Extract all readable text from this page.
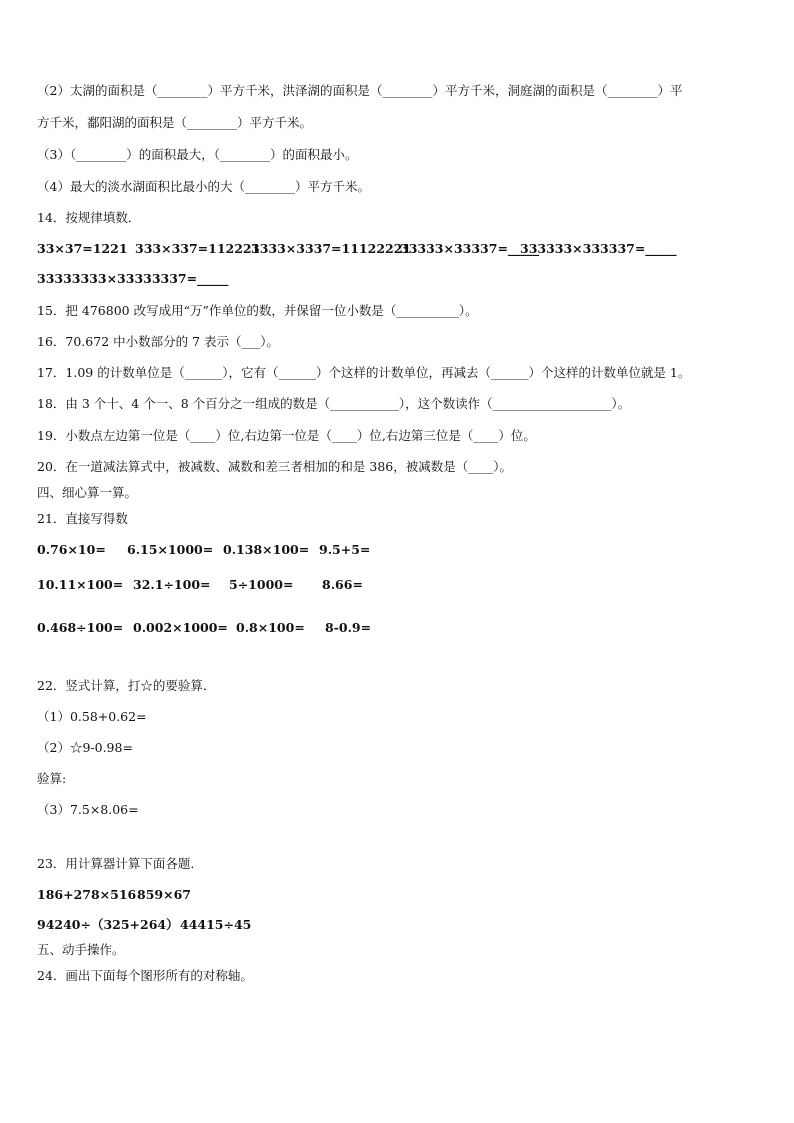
（2）太湖的面积是（________）平方千米，洪泽湖的面积是（________）平方千米，洞庭湖的面积是（________）平
方千米，鄱阳湖的面积是（________）平方千米。
（3）（________）的面积最大，（________）的面积最小。
（4）最大的淡水湖面积比最小的大（________）平方千米。
14．按规律填数．
33×37=1221 333×337=112221
3333×3337=11122221
33333×33337=_____
333333×333337=_____
33333333×33333337=_____
15．把 476800 改写成用“万”作单位的数，并保留一位小数是（__________）。
16．70.672 中小数部分的 7 表示（___）。
17．1.09 的计数单位是（______），它有（______）个这样的计数单位，再减去（______）个这样的计数单位就是 1。
18．由 3 个十、4 个一、8 个百分之一组成的数是（___________），这个数读作（___________________）。
19．小数点左边第一位是（____）位,右边第一位是（____）位,右边第三位是（____）位。
20．在一道减法算式中，被减数、减数和差三者相加的和是 386，被减数是（____）。
四、细心算一算。
21．直接写得数
0.76×10= 6.15×1000= 0.138×100= 9.5+5=
10.11×100= 32.1÷100= 5÷1000= 8.66=
0.468÷100= 0.002×1000= 0.8×100= 8-0.9=
22．竖式计算，打☆的要验算．
（1）0.58+0.62=
（2）☆9-0.98=
验算:
（3）7.5×8.06=
23．用计算器计算下面各题．
186+278×516 859×67
94240÷（325+264） 44415÷45
五、动手操作。
24．画出下面每个图形所有的对称轴。
